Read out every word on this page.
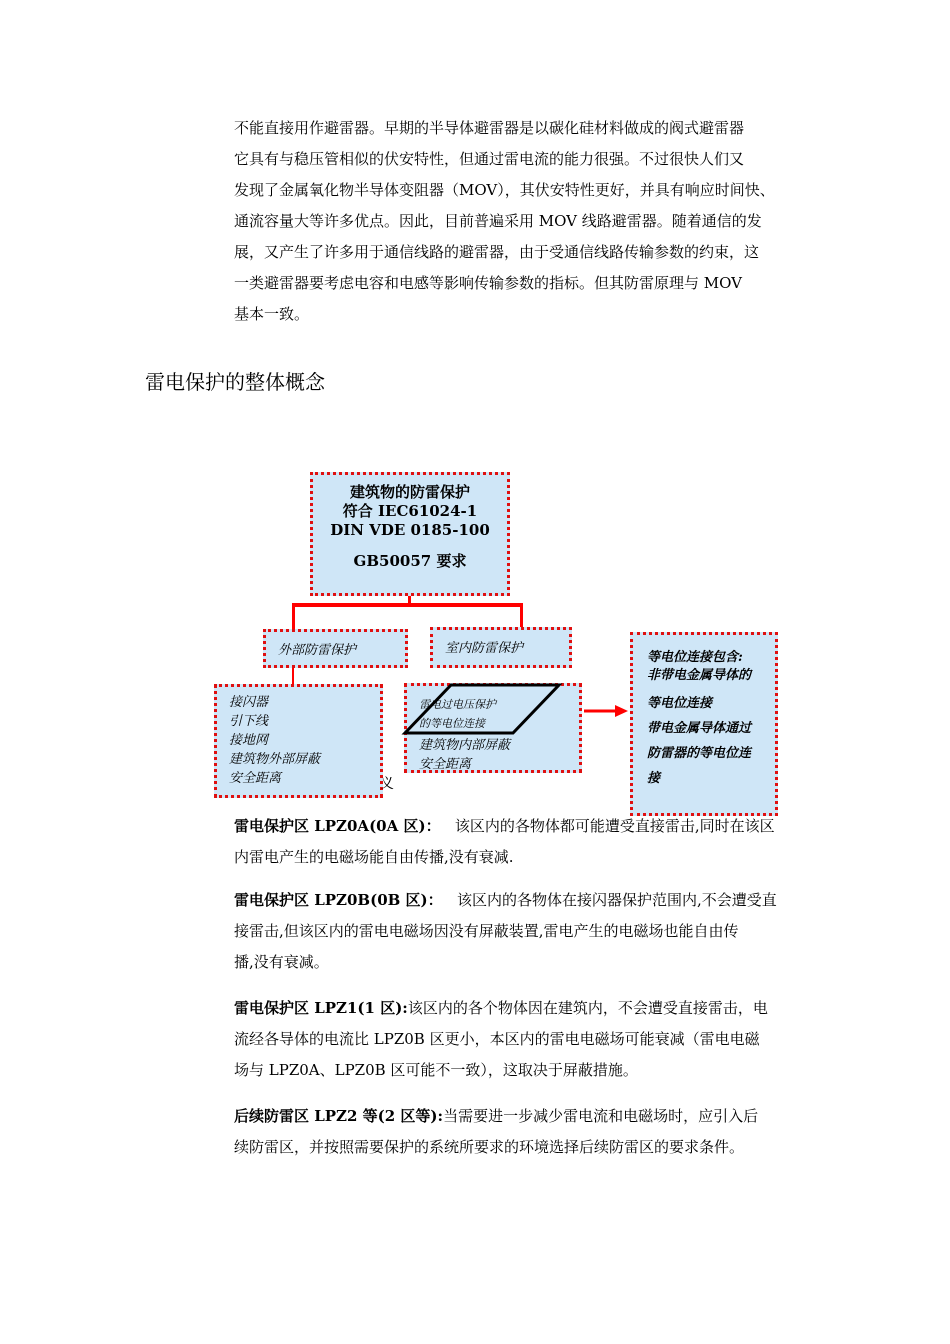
不能直接用作避雷器。早期的半导体避雷器是以碳化硅材料做成的阀式避雷器
它具有与稳压管相似的伏安特性，但通过雷电流的能力很强。不过很快人们又
发现了金属氧化物半导体变阻器（MOV），其伏安特性更好，并具有响应时间快、
通流容量大等许多优点。因此，目前普遍采用 MOV 线路避雷器。随着通信的发
展，又产生了许多用于通信线路的避雷器，由于受通信线路传输参数的约束，这
一类避雷器要考虑电容和电感等影响传输参数的指标。但其防雷原理与 MOV
基本一致。
雷电保护的整体概念
建筑物的防雷保护
符合 IEC61024-1
DIN VDE 0185-100
GB50057 要求
外部防雷保护	室内防雷保护
接闪器
引下线
接地网
建筑物外部屏蔽
安全距离	义
雷电过电压保护
的等电位连接
建筑物内部屏蔽
安全距离
等电位连接包含:
非带电金属导体的
等电位连接
带电金属导体通过
防雷器的等电位连
接
雷电保护区 LPZ0A(0A 区)：   该区内的各物体都可能遭受直接雷击,同时在该区
内雷电产生的电磁场能自由传播,没有衰减.
雷电保护区 LPZ0B(0B 区)：   该区内的各物体在接闪器保护范围内,不会遭受直
接雷击,但该区内的雷电电磁场因没有屏蔽装置,雷电产生的电磁场也能自由传
播,没有衰减。
雷电保护区 LPZ1(1 区):该区内的各个物体因在建筑内，不会遭受直接雷击，电
流经各导体的电流比 LPZ0B 区更小，本区内的雷电电磁场可能衰减（雷电电磁
场与 LPZ0A、LPZ0B 区可能不一致），这取决于屏蔽措施。
后续防雷区 LPZ2 等(2 区等):当需要进一步减少雷电流和电磁场时，应引入后
续防雷区，并按照需要保护的系统所要求的环境选择后续防雷区的要求条件。
